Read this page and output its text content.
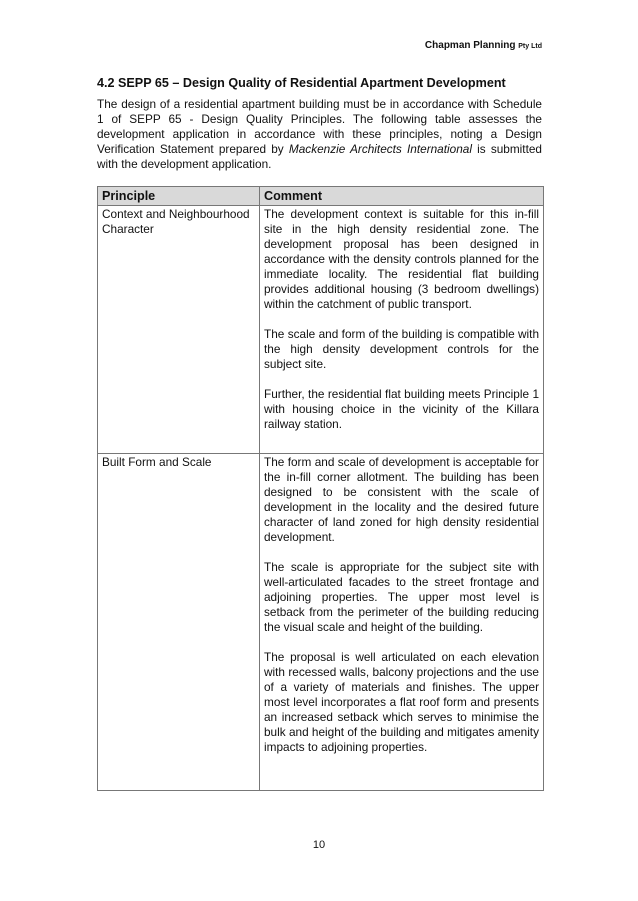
Chapman Planning Pty Ltd
4.2 SEPP 65 – Design Quality of Residential Apartment Development
The design of a residential apartment building must be in accordance with Schedule 1 of SEPP 65 - Design Quality Principles. The following table assesses the development application in accordance with these principles, noting a Design Verification Statement prepared by Mackenzie Architects International is submitted with the development application.
Principle	Comment
Context and Neighbourhood Character	The development context is suitable for this in-fill site in the high density residential zone. The development proposal has been designed in accordance with the density controls planned for the immediate locality. The residential flat building provides additional housing (3 bedroom dwellings) within the catchment of public transport.

The scale and form of the building is compatible with the high density development controls for the subject site.

Further, the residential flat building meets Principle 1 with housing choice in the vicinity of the Killara railway station.

Built Form and Scale	The form and scale of development is acceptable for the in-fill corner allotment. The building has been designed to be consistent with the scale of development in the locality and the desired future character of land zoned for high density residential development.

The scale is appropriate for the subject site with well-articulated facades to the street frontage and adjoining properties. The upper most level is setback from the perimeter of the building reducing the visual scale and height of the building.

The proposal is well articulated on each elevation with recessed walls, balcony projections and the use of a variety of materials and finishes. The upper most level incorporates a flat roof form and presents an increased setback which serves to minimise the bulk and height of the building and mitigates amenity impacts to adjoining properties.

10
